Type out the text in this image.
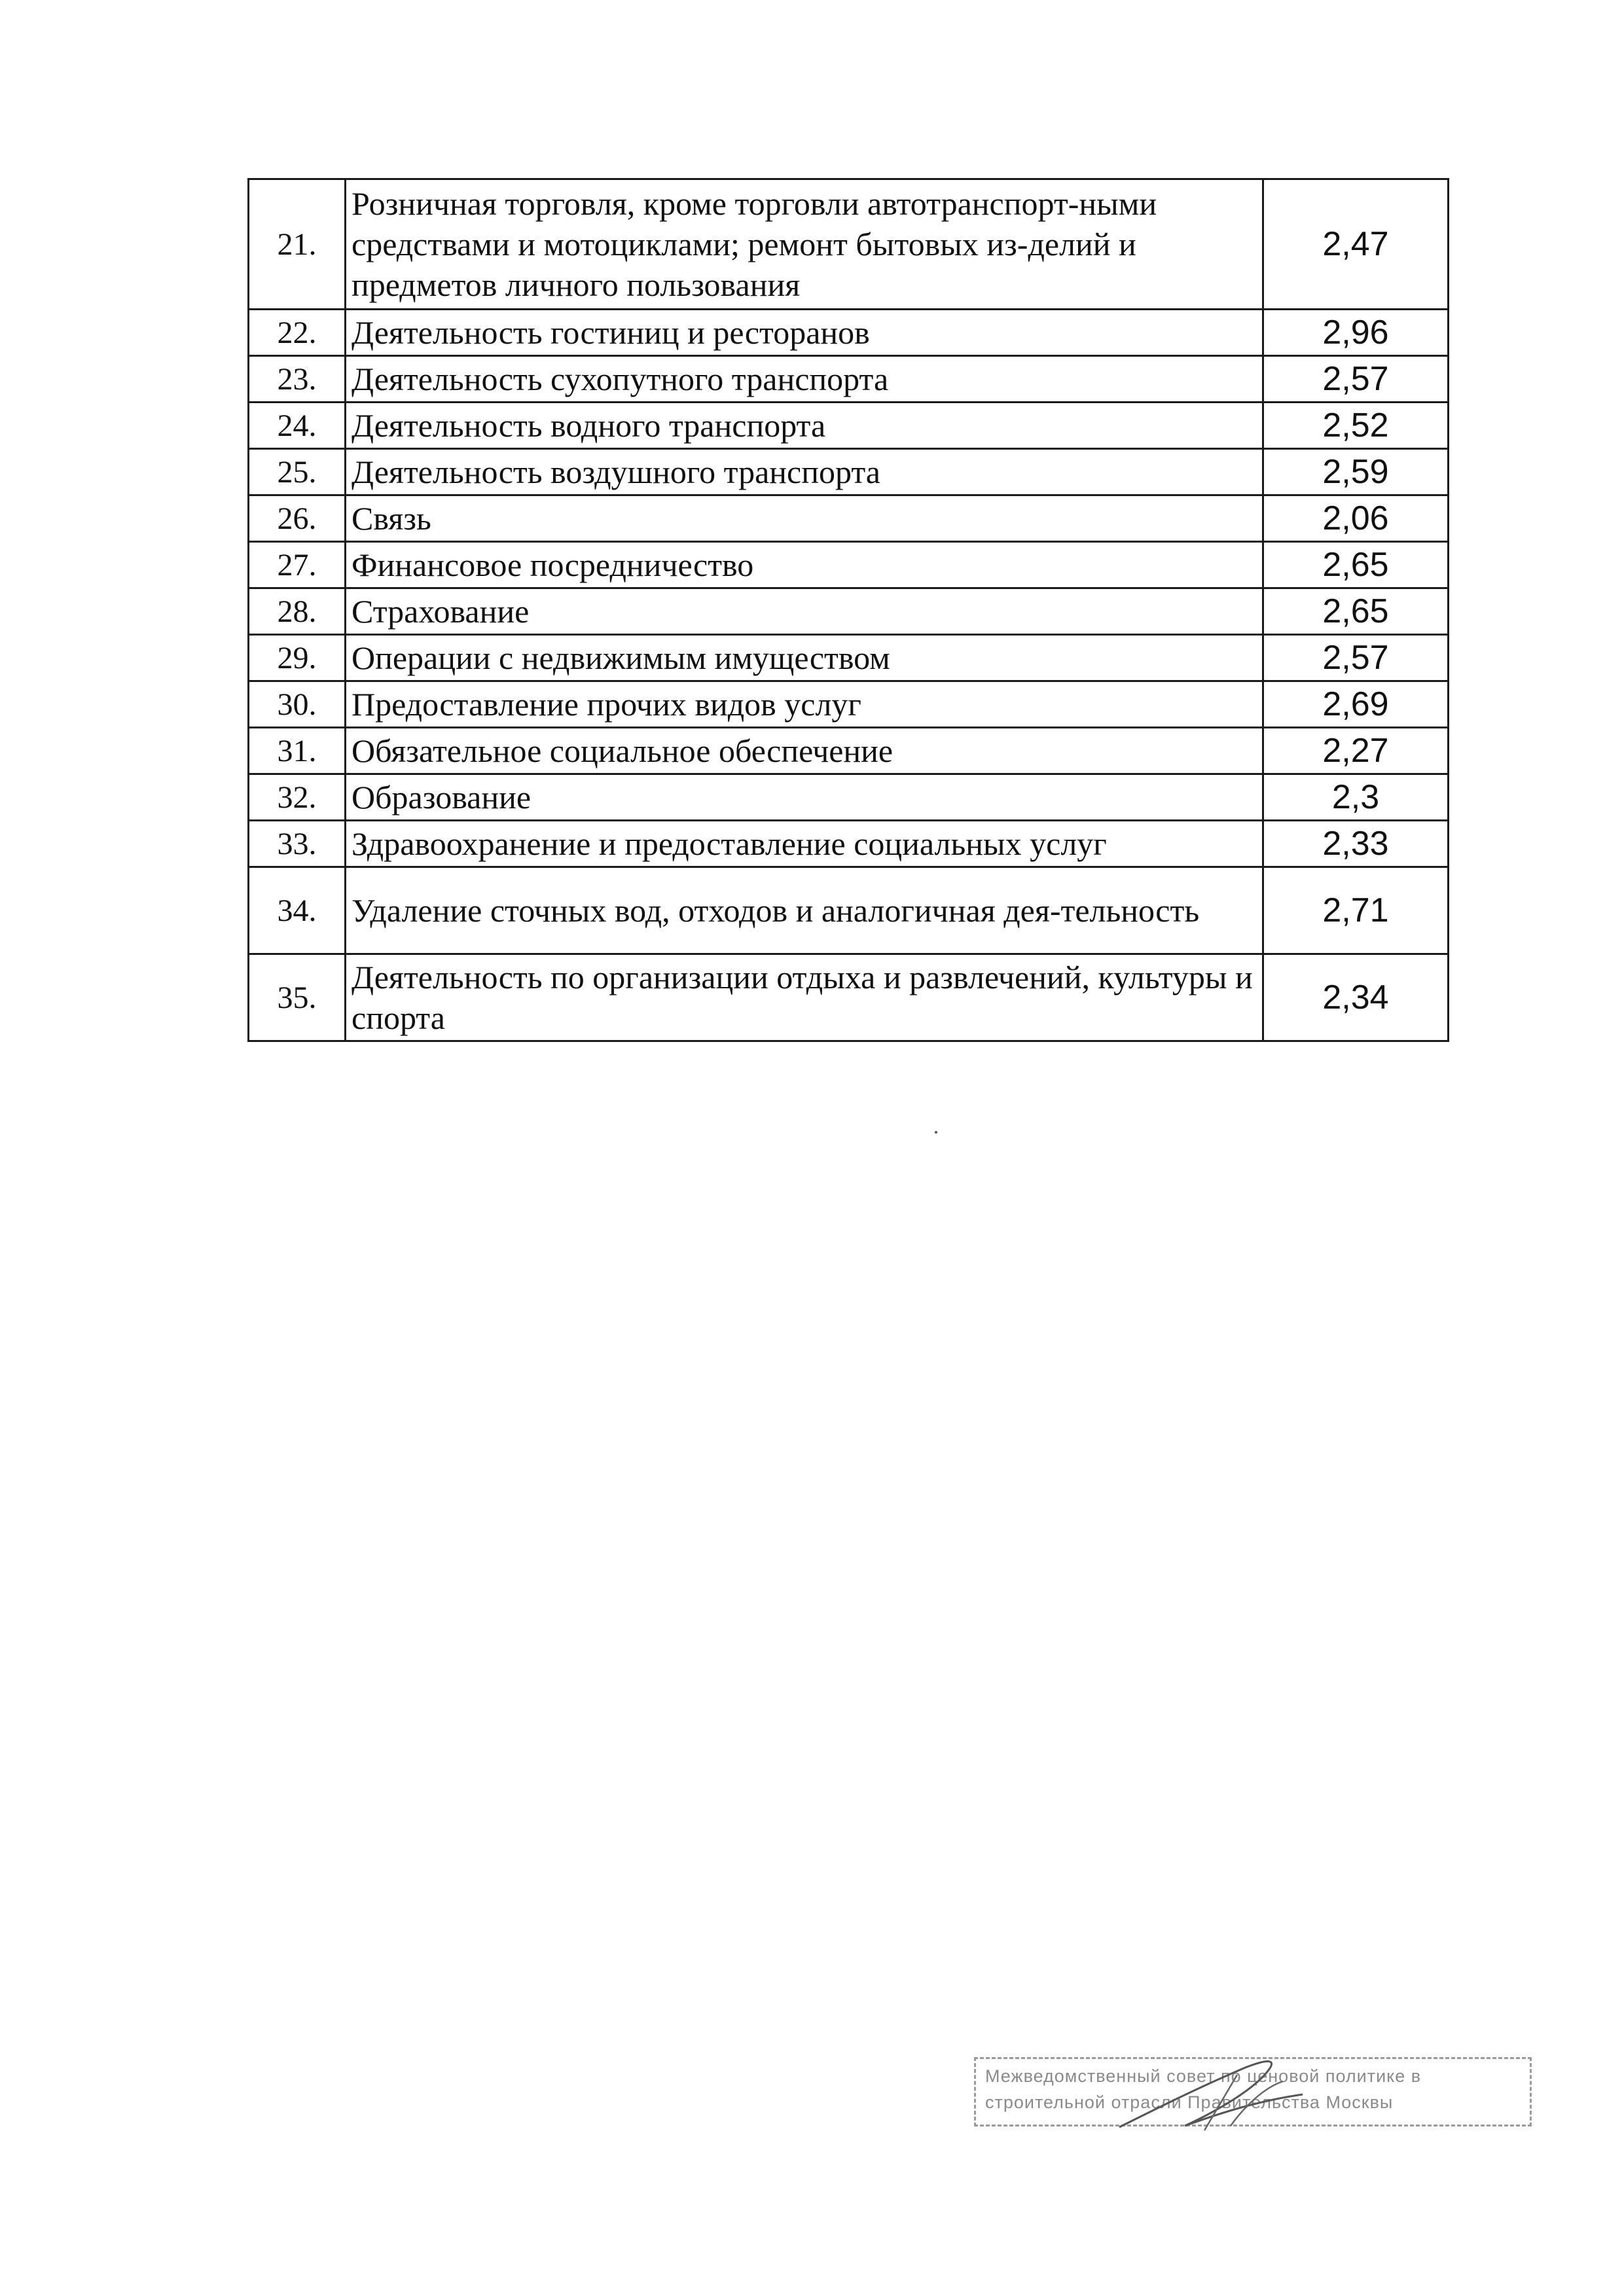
21.	Розничная торговля, кроме торговли автотранспорт-ными средствами и мотоциклами; ремонт бытовых из-делий и предметов личного пользования	2,47
22.	Деятельность гостиниц и ресторанов	2,96
23.	Деятельность сухопутного транспорта	2,57
24.	Деятельность водного транспорта	2,52
25.	Деятельность воздушного транспорта	2,59
26.	Связь	2,06
27.	Финансовое посредничество	2,65
28.	Страхование	2,65
29.	Операции с недвижимым имуществом	2,57
30.	Предоставление прочих видов услуг	2,69
31.	Обязательное социальное обеспечение	2,27
32.	Образование	2,3
33.	Здравоохранение и предоставление социальных услуг	2,33
34.	Удаление сточных вод, отходов и аналогичная дея-тельность	2,71
35.	Деятельность по организации отдыха и развлечений, культуры и спорта	2,34
Межведомственный совет по ценовой политике в
строительной отрасли Правительства Москвы
